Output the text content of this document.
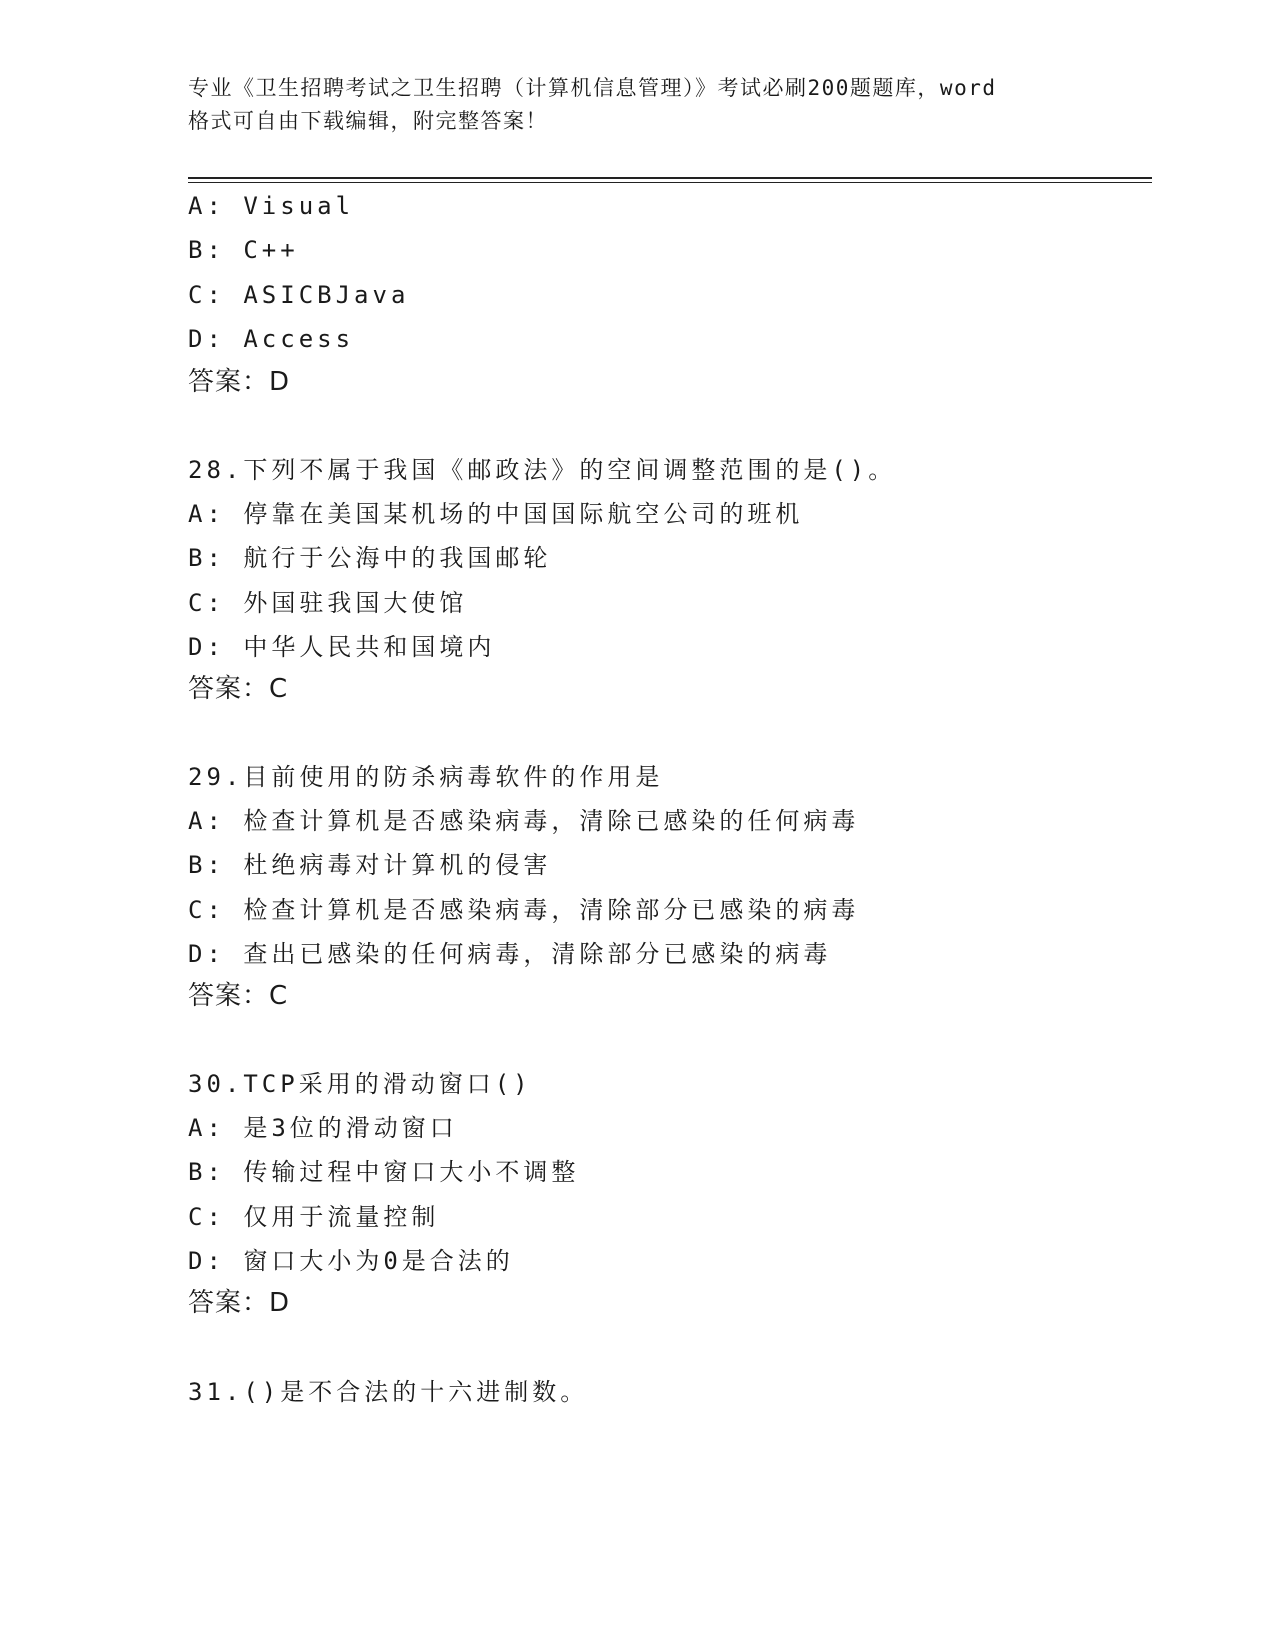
专业《卫生招聘考试之卫生招聘（计算机信息管理）》考试必刷200题题库，word
格式可自由下载编辑，附完整答案！
A: Visual
B: C++
C: ASICBJava
D: Access
答案：D
28.下列不属于我国《邮政法》的空间调整范围的是()。
A: 停靠在美国某机场的中国国际航空公司的班机
B: 航行于公海中的我国邮轮
C: 外国驻我国大使馆
D: 中华人民共和国境内
答案：C
29.目前使用的防杀病毒软件的作用是
A: 检查计算机是否感染病毒，清除已感染的任何病毒
B: 杜绝病毒对计算机的侵害
C: 检查计算机是否感染病毒，清除部分已感染的病毒
D: 查出已感染的任何病毒，清除部分已感染的病毒
答案：C
30.TCP采用的滑动窗口()
A: 是3位的滑动窗口
B: 传输过程中窗口大小不调整
C: 仅用于流量控制
D: 窗口大小为0是合法的
答案：D
31.()是不合法的十六进制数。
